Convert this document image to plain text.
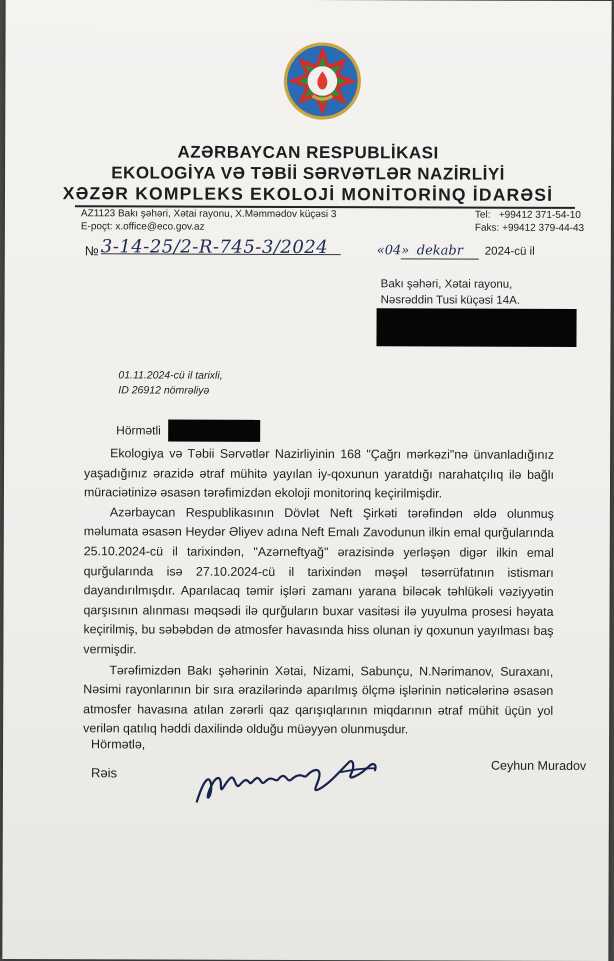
AZƏRBAYCAN RESPUBLİKASI
EKOLOGİYA VƏ TƏBİİ SƏRVƏTLƏR NAZİRLİYİ
XƏZƏR KOMPLEKS EKOLOJİ MONİTORİNQ İDARƏSİ
AZ1123 Bakı şəhəri, Xətai rayonu, X.Məmmədov küçəsi 3
E-poçt: x.office@eco.gov.az
Tel:   +99412 371-54-10
Faks: +99412 379-44-43
№ 3-14-25/2-R-745-3/2024	«04» dekabr 2024-cü il
Bakı şəhəri, Xətai rayonu,
Nəsrəddin Tusi küçəsi 14A.
01.11.2024-cü il tarixli,
ID 26912 nömrəliyə
Hörmətli

Ekologiya və Təbii Sərvətlər Nazirliyinin 168 "Çağrı mərkəzi"nə ünvanladığınız yaşadığınız ərazidə ətraf mühitə yayılan iy-qoxunun yaratdığı narahatçılıq ilə bağlı müraciətinizə əsasən tərəfimizdən ekoloji monitorinq keçirilmişdir.

Azərbaycan Respublikasının Dövlət Neft Şirkəti tərəfindən əldə olunmuş məlumata əsasən Heydər Əliyev adına Neft Emalı Zavodunun ilkin emal qurğularında 25.10.2024-cü il tarixindən, "Azərneftyağ" ərazisində yerləşən digər ilkin emal qurğularında isə 27.10.2024-cü il tarixindən məşəl təsərrüfatının istismarı dayandırılmışdır. Aparılacaq təmir işləri zamanı yarana biləcək təhlükəli vəziyyətin qarşısının alınması məqsədi ilə qurğuların buxar vasitəsi ilə yuyulma prosesi həyata keçirilmiş, bu səbəbdən də atmosfer havasında hiss olunan iy qoxunun yayılması baş vermişdir.

Tərəfimizdən Bakı şəhərinin Xətai, Nizami, Sabunçu, N.Nərimanov, Suraxanı, Nəsimi rayonlarının bir sıra ərazilərində aparılmış ölçmə işlərinin nəticələrinə əsasən atmosfer havasına atılan zərərli qaz qarışıqlarının miqdarının ətraf mühit üçün yol verilən qatılıq həddi daxilində olduğu müəyyən olunmuşdur.

Hörmətlə,
Rəis	Ceyhun Muradov
